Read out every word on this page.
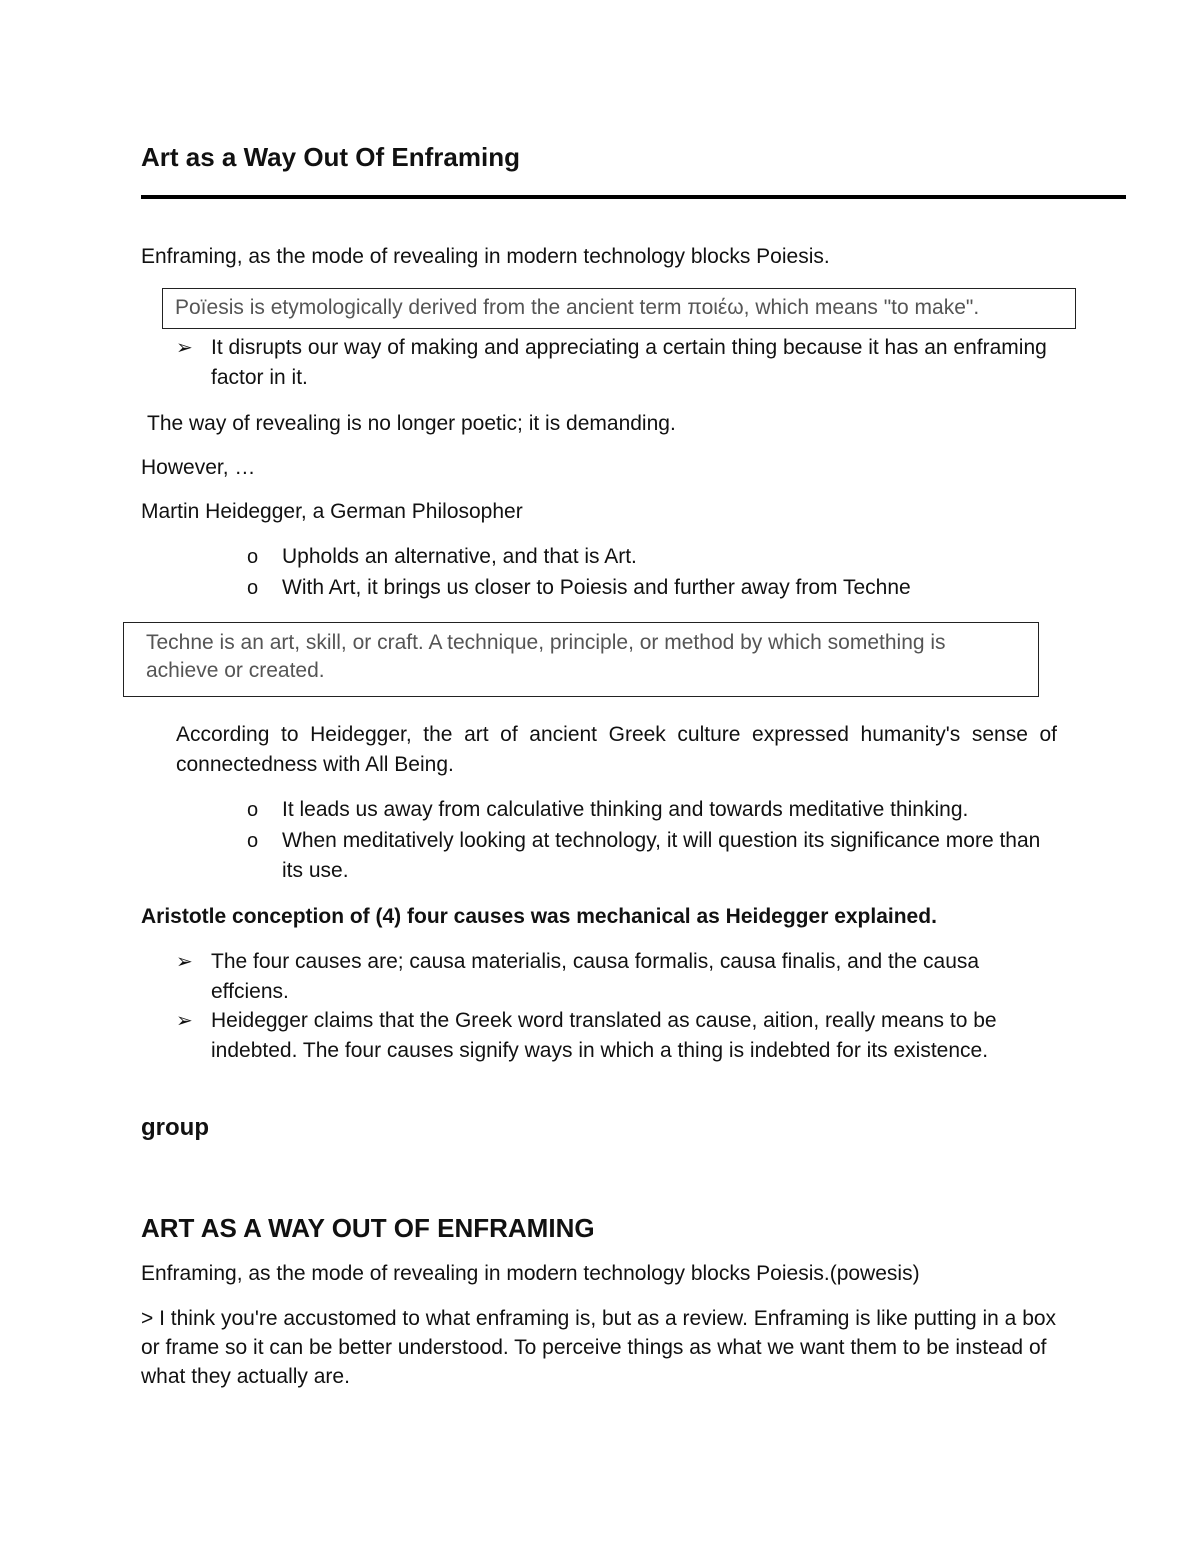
Art as a Way Out Of Enframing

Enframing, as the mode of revealing in modern technology blocks Poiesis.

Poïesis is etymologically derived from the ancient term ποιέω, which means "to make".
➢ It disrupts our way of making and appreciating a certain thing because it has an enframing factor in it.

The way of revealing is no longer poetic; it is demanding.

However, …

Martin Heidegger, a German Philosopher

o Upholds an alternative, and that is Art.

o With Art, it brings us closer to Poiesis and further away from Techne

Techne is an art, skill, or craft. A technique, principle, or method by which something is achieve or created.

According to Heidegger, the art of ancient Greek culture expressed humanity's sense of connectedness with All Being.

o It leads us away from calculative thinking and towards meditative thinking.

o When meditatively looking at technology, it will question its significance more than its use.

Aristotle conception of (4) four causes was mechanical as Heidegger explained.

➢ The four causes are; causa materialis, causa formalis, causa finalis, and the causa effciens.

➢ Heidegger claims that the Greek word translated as cause, aition, really means to be indebted. The four causes signify ways in which a thing is indebted for its existence.

group

ART AS A WAY OUT OF ENFRAMING

Enframing, as the mode of revealing in modern technology blocks Poiesis.(powesis)

> I think you're accustomed to what enframing is, but as a review. Enframing is like putting in a box or frame so it can be better understood. To perceive things as what we want them to be instead of what they actually are.
